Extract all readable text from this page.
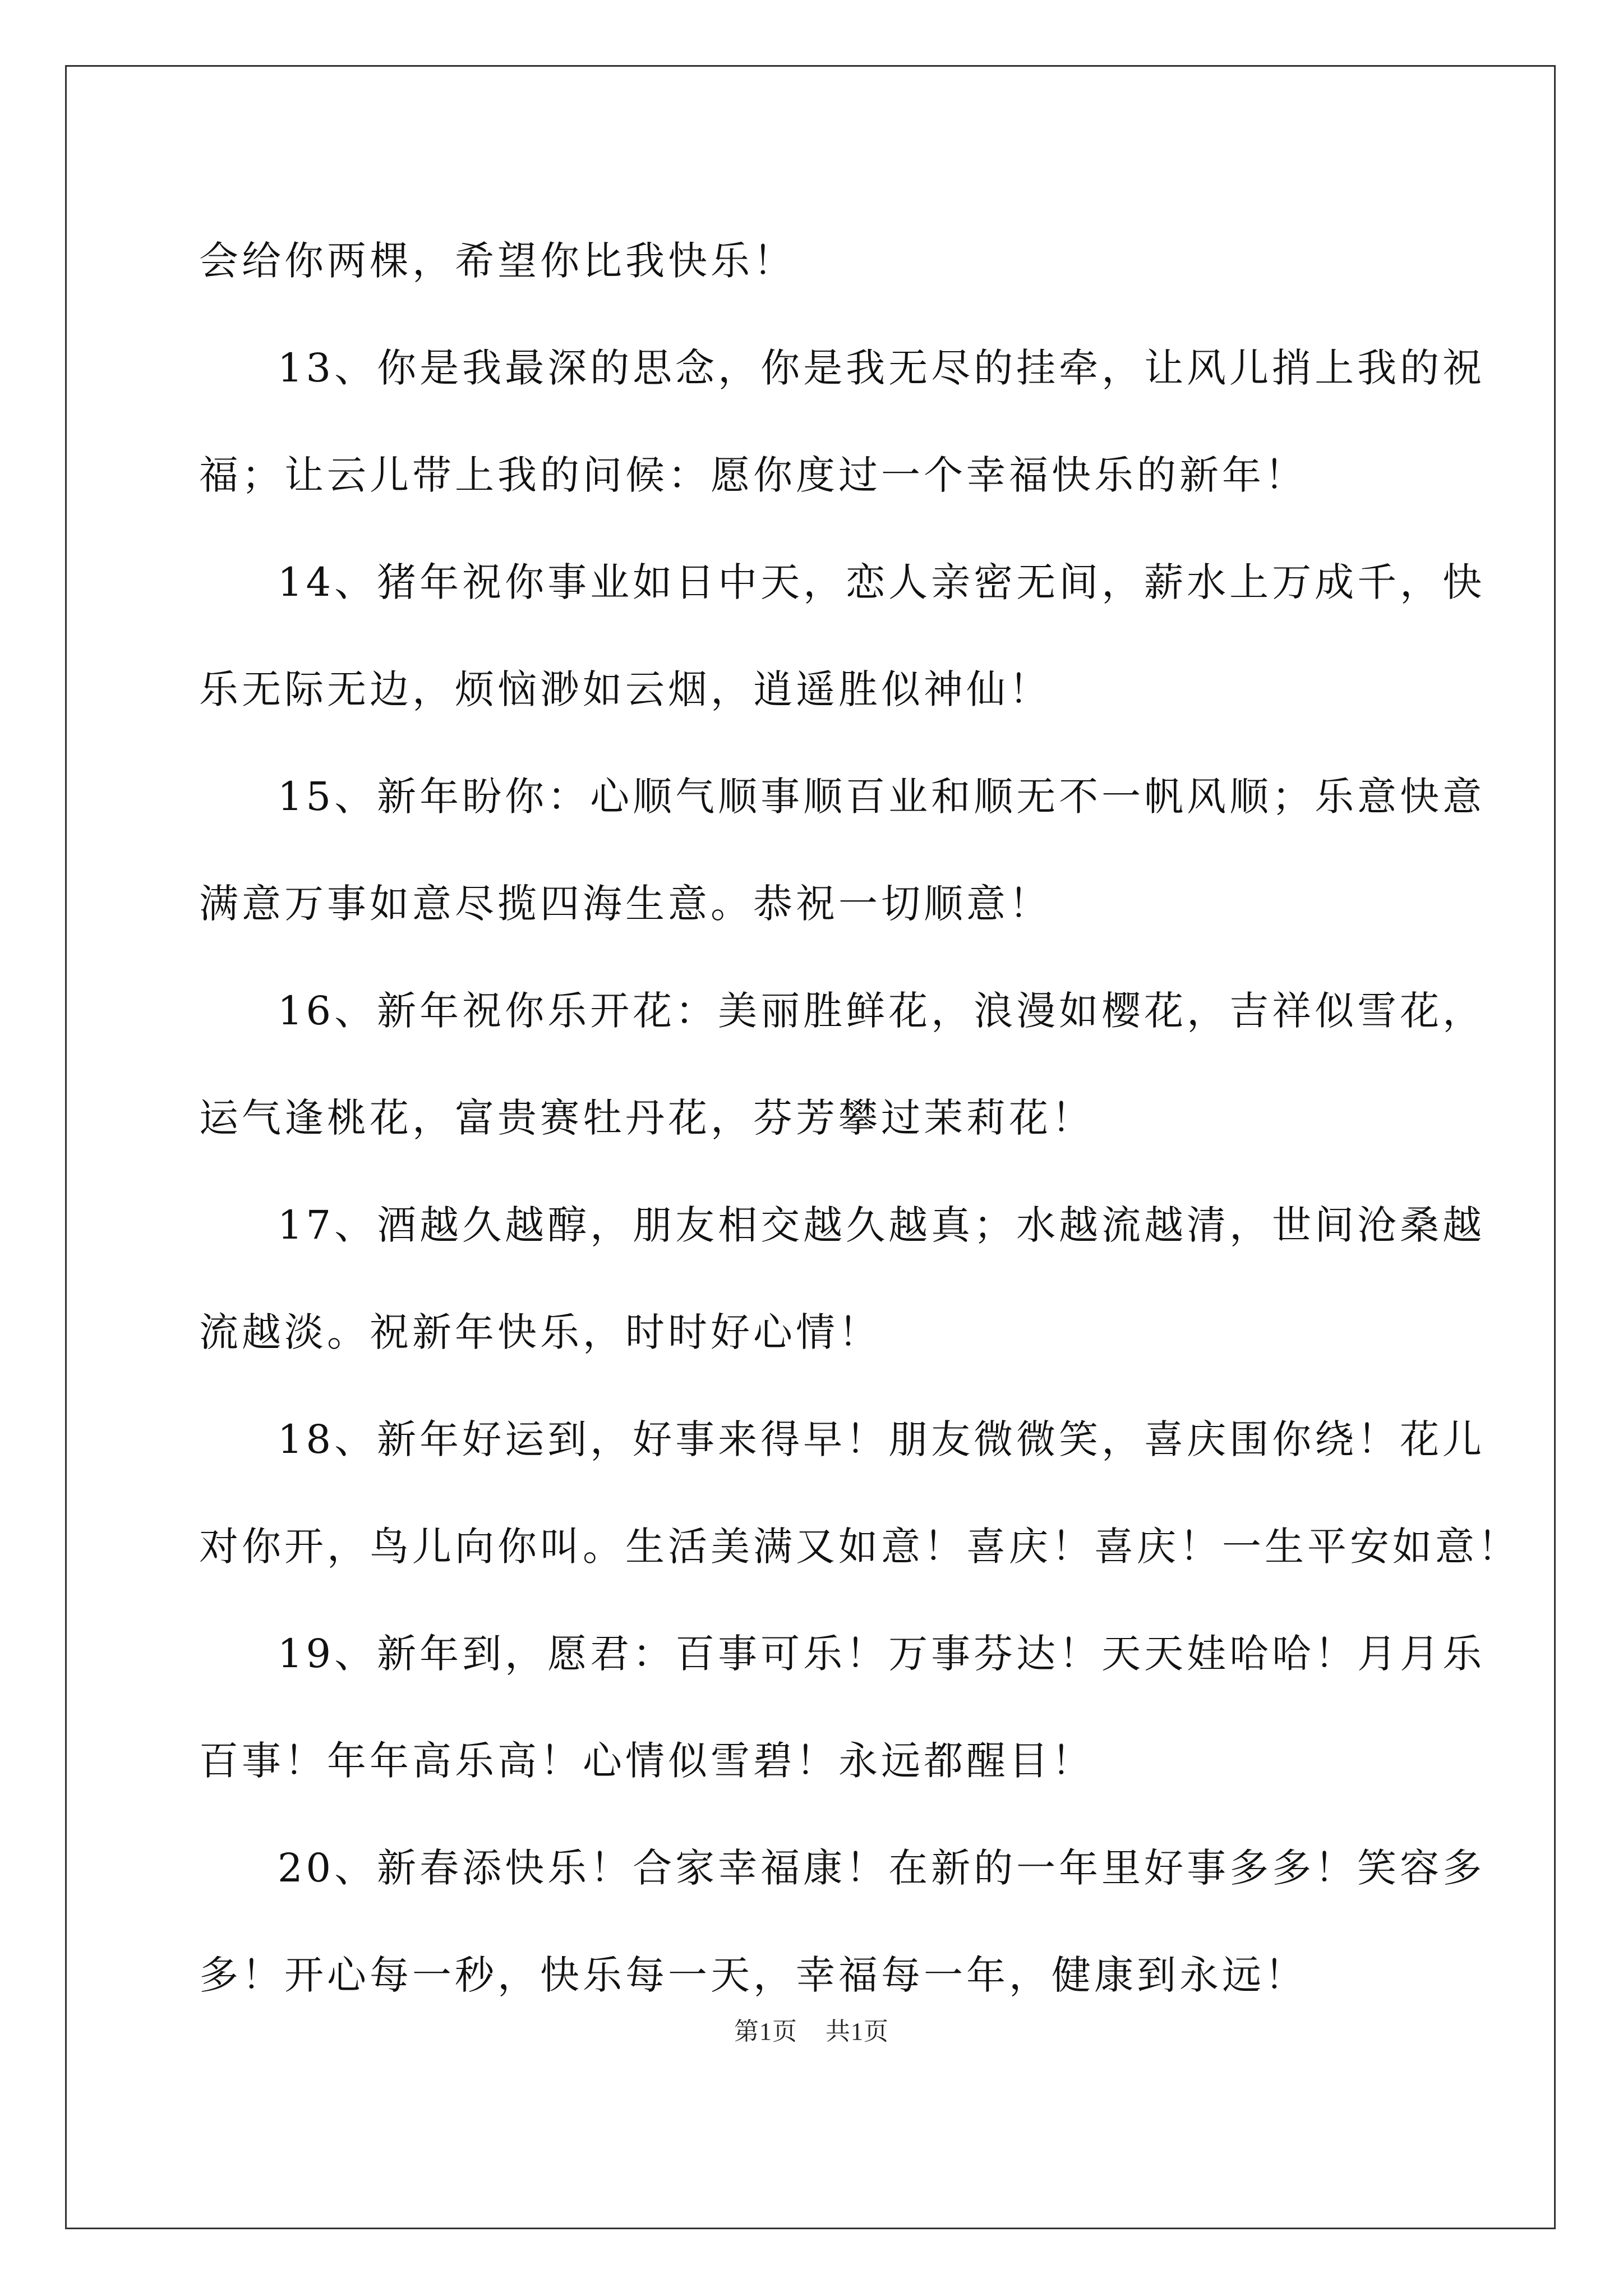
会给你两棵，希望你比我快乐！
13、你是我最深的思念，你是我无尽的挂牵，让风儿捎上我的祝
福；让云儿带上我的问候：愿你度过一个幸福快乐的新年！
14、猪年祝你事业如日中天，恋人亲密无间，薪水上万成千，快
乐无际无边，烦恼渺如云烟，逍遥胜似神仙！
15、新年盼你：心顺气顺事顺百业和顺无不一帆风顺；乐意快意
满意万事如意尽揽四海生意。恭祝一切顺意！
16、新年祝你乐开花：美丽胜鲜花，浪漫如樱花，吉祥似雪花，
运气逢桃花，富贵赛牡丹花，芬芳攀过茉莉花！
17、酒越久越醇，朋友相交越久越真；水越流越清，世间沧桑越
流越淡。祝新年快乐，时时好心情！
18、新年好运到，好事来得早！朋友微微笑，喜庆围你绕！花儿
对你开，鸟儿向你叫。生活美满又如意！喜庆！喜庆！一生平安如意！
19、新年到，愿君：百事可乐！万事芬达！天天娃哈哈！月月乐
百事！年年高乐高！心情似雪碧！永远都醒目！
20、新春添快乐！合家幸福康！在新的一年里好事多多！笑容多
多！开心每一秒，快乐每一天，幸福每一年，健康到永远！
第1页 共1页
